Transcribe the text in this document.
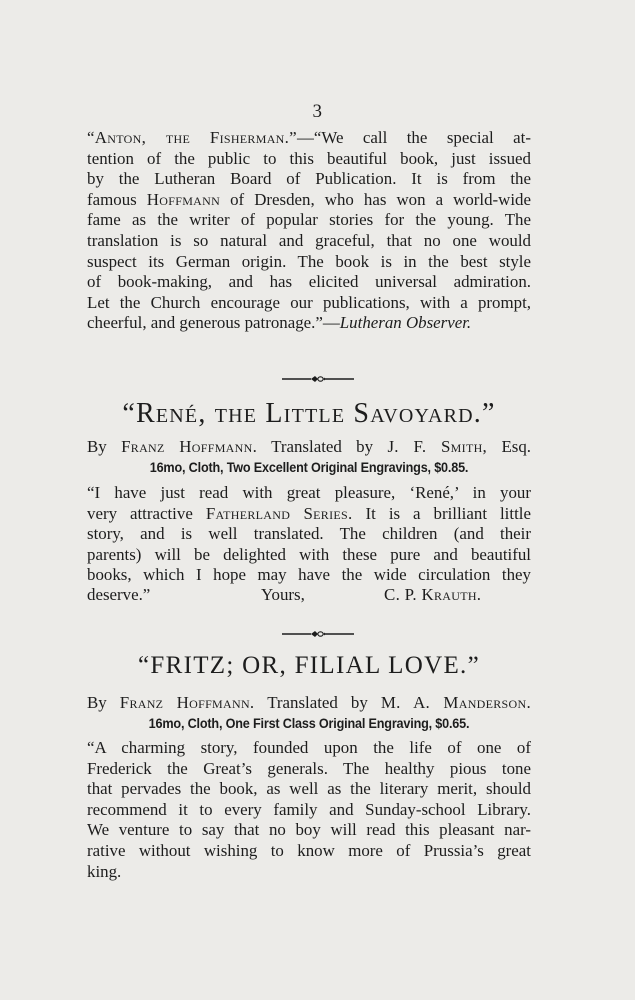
3
“Anton, the Fisherman.”—“We call the special at-
tention of the public to this beautiful book, just issued
by the Lutheran Board of Publication. It is from the
famous Hoffmann of Dresden, who has won a world-wide
fame as the writer of popular stories for the young. The
translation is so natural and graceful, that no one would
suspect its German origin. The book is in the best style
of book-making, and has elicited universal admiration.
Let the Church encourage our publications, with a prompt,
cheerful, and generous patronage.”—Lutheran Observer.
“René, the Little Savoyard.”
By Franz Hoffmann. Translated by J. F. Smith, Esq.
16mo, Cloth, Two Excellent Original Engravings, $0.85.
“I have just read with great pleasure, ‘René,’ in your
very attractive Fatherland Series. It is a brilliant little
story, and is well translated. The children (and their
parents) will be delighted with these pure and beautiful
books, which I hope may have the wide circulation they
deserve.”	Yours,	C. P. Krauth.
“FRITZ; OR, FILIAL LOVE.”
By Franz Hoffmann. Translated by M. A. Manderson.
16mo, Cloth, One First Class Original Engraving, $0.65.
“A charming story, founded upon the life of one of
Frederick the Great’s generals. The healthy pious tone
that pervades the book, as well as the literary merit, should
recommend it to every family and Sunday-school Library.
We venture to say that no boy will read this pleasant nar-
rative without wishing to know more of Prussia’s great
king.
